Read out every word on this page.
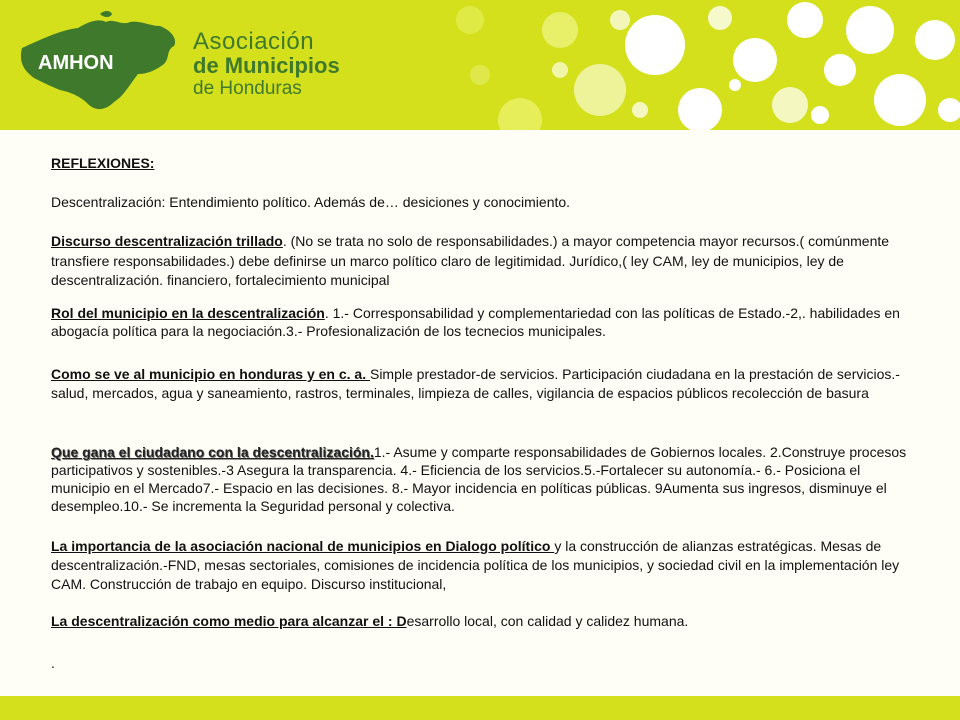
AMHON
Asociación
de Municipios
de Honduras

REFLEXIONES:

Descentralización: Entendimiento político. Además de… desiciones y conocimiento.

Discurso descentralización trillado. (No se trata no solo de responsabilidades.) a mayor competencia mayor recursos.( comúnmente transfiere responsabilidades.) debe definirse un marco político claro de legitimidad. Jurídico,( ley CAM, ley de municipios, ley de descentralización. financiero, fortalecimiento municipal

Rol del municipio en la descentralización. 1.- Corresponsabilidad y complementariedad con las políticas de Estado.-2,. habilidades en abogacía política para la negociación.3.- Profesionalización de los tecnecios municipales.

Como se ve al municipio en honduras y en c. a. Simple prestador-de servicios. Participación ciudadana en la prestación de servicios.- salud, mercados, agua y saneamiento, rastros, terminales, limpieza de calles, vigilancia de espacios públicos recolección de basura

Que gana el ciudadano con la descentralización.1.- Asume y comparte responsabilidades de Gobiernos locales. 2.Construye procesos participativos y sostenibles.-3 Asegura la transparencia. 4.- Eficiencia de los servicios.5.-Fortalecer su autonomía.- 6.- Posiciona el municipio en el Mercado7.- Espacio en las decisiones. 8.- Mayor incidencia en políticas públicas. 9Aumenta sus ingresos, disminuye el desempleo.10.- Se incrementa la Seguridad personal y colectiva.

La importancia de la asociación nacional de municipios en Dialogo político y la construcción de alianzas estratégicas. Mesas de descentralización.-FND, mesas sectoriales, comisiones de incidencia política de los municipios, y sociedad civil en la implementación ley CAM. Construcción de trabajo en equipo. Discurso institucional,

La descentralización como medio para alcanzar el : Desarrollo local, con calidad y calidez humana.

.
